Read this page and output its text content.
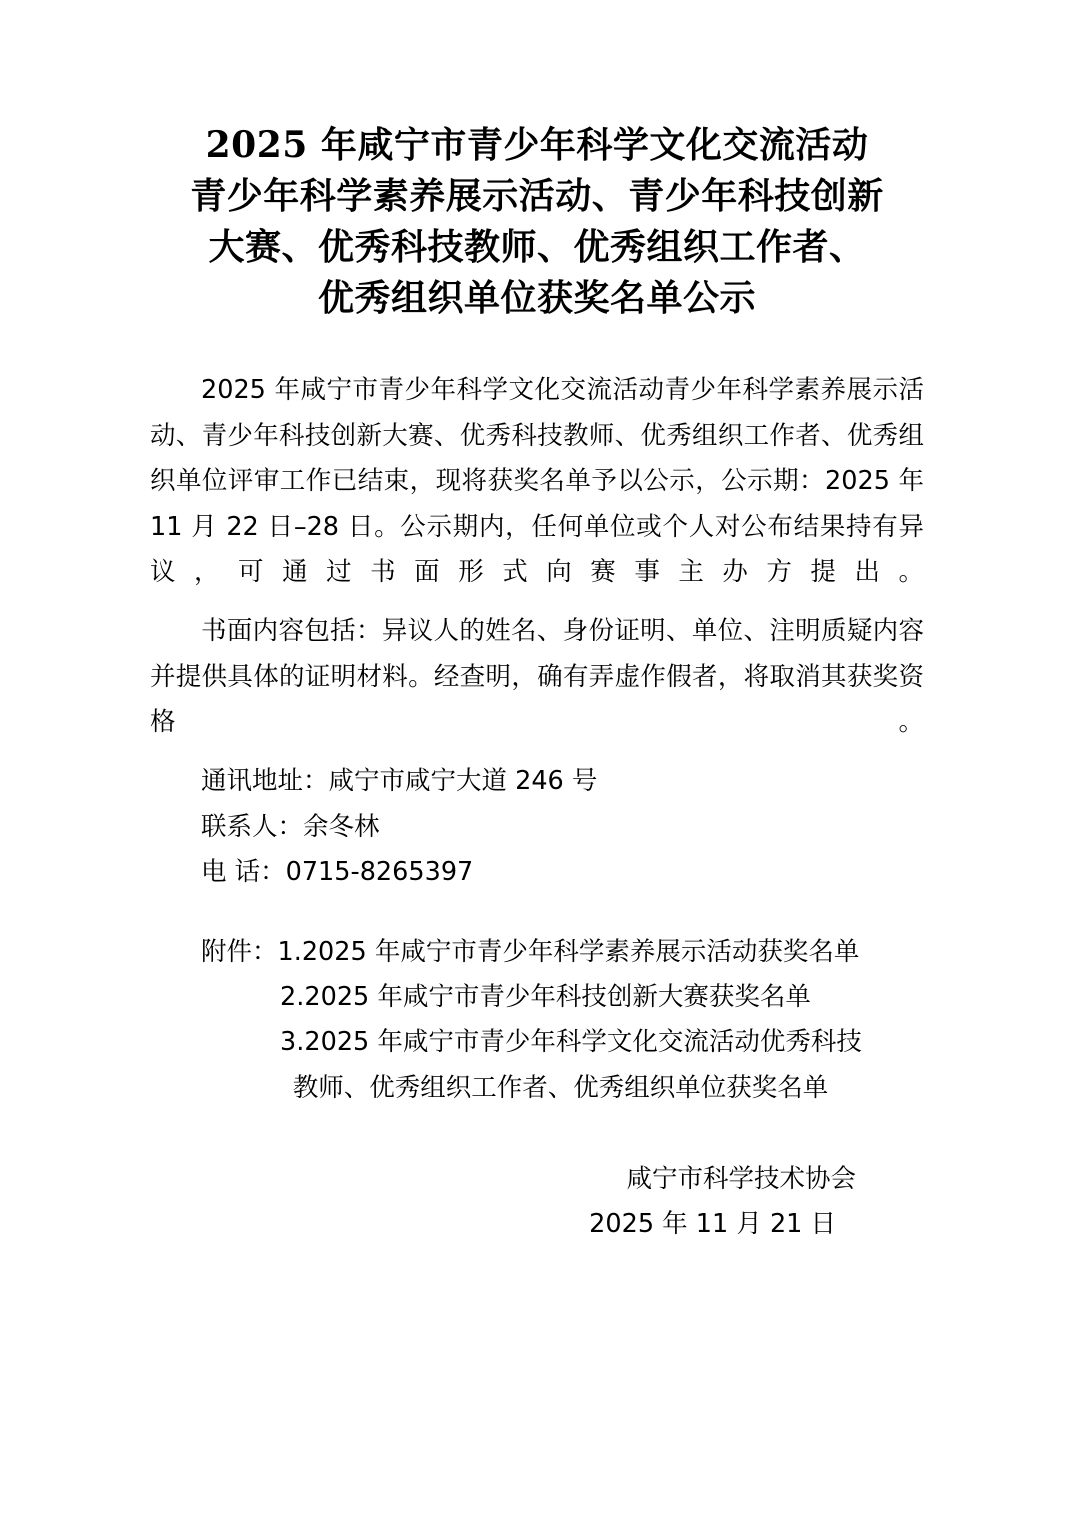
2025 年咸宁市青少年科学文化交流活动
青少年科学素养展示活动、青少年科技创新
大赛、优秀科技教师、优秀组织工作者、
优秀组织单位获奖名单公示

2025 年咸宁市青少年科学文化交流活动青少年科学素养展示活动、青少年科技创新大赛、优秀科技教师、优秀组织工作者、优秀组织单位评审工作已结束，现将获奖名单予以公示，公示期：2025 年 11 月 22 日–28 日。公示期内，任何单位或个人对公布结果持有异议，可通过书面形式向赛事主办方提出。

书面内容包括：异议人的姓名、身份证明、单位、注明质疑内容并提供具体的证明材料。经查明，确有弄虚作假者，将取消其获奖资格。

通讯地址：咸宁市咸宁大道 246 号

联系人：余冬林

电 话：0715-8265397

附件：1.2025 年咸宁市青少年科学素养展示活动获奖名单

2.2025 年咸宁市青少年科技创新大赛获奖名单

3.2025 年咸宁市青少年科学文化交流活动优秀科技

教师、优秀组织工作者、优秀组织单位获奖名单

咸宁市科学技术协会

2025 年 11 月 21 日
